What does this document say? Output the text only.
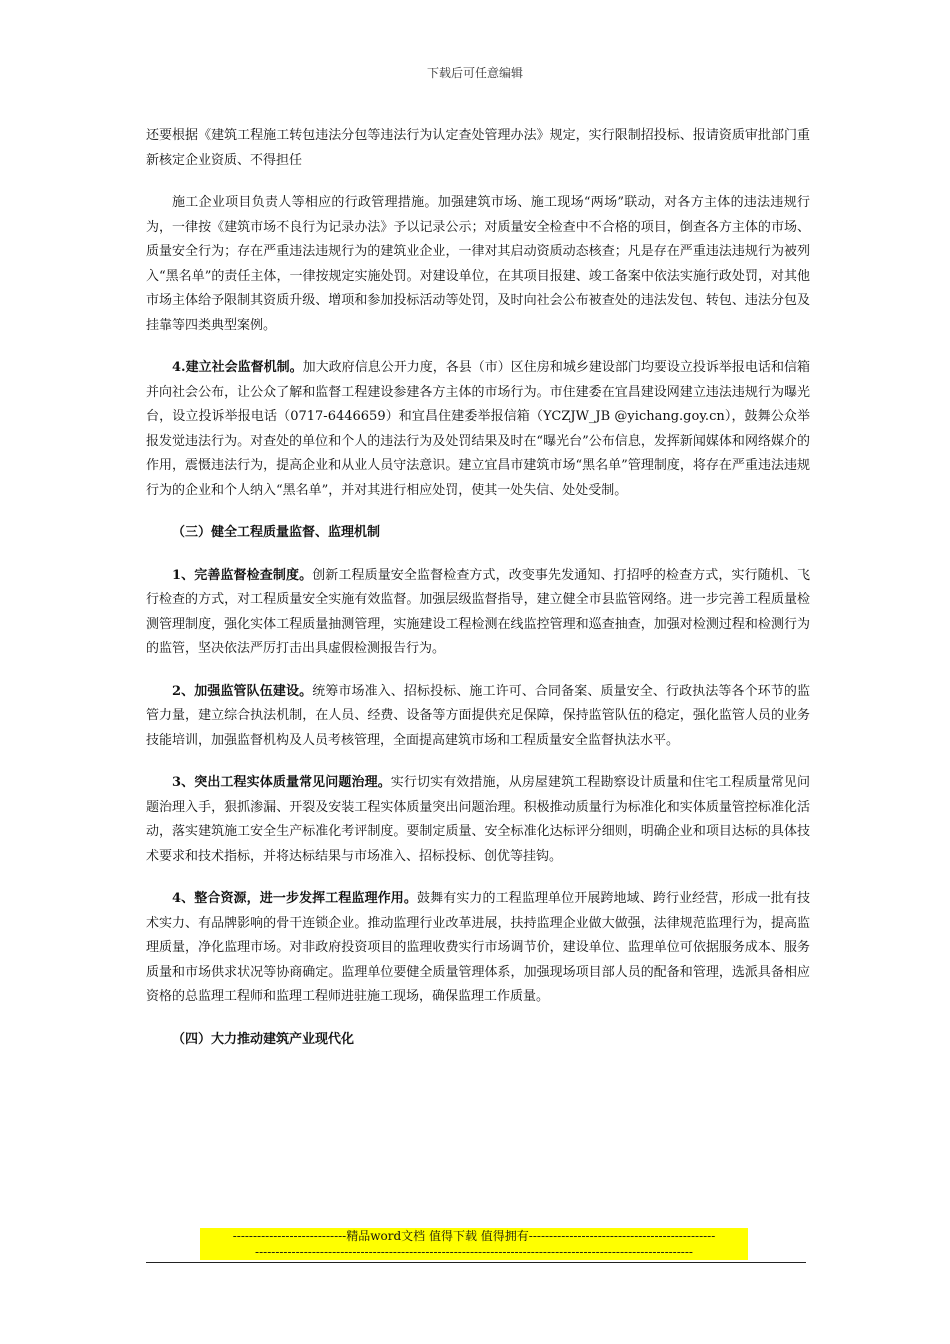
下载后可任意编辑

还要根据《建筑工程施工转包违法分包等违法行为认定查处管理办法》规定，实行限制招投标、报请资质审批部门重新核定企业资质、不得担任

施工企业项目负责人等相应的行政管理措施。加强建筑市场、施工现场“两场”联动，对各方主体的违法违规行为，一律按《建筑市场不良行为记录办法》予以记录公示；对质量安全检查中不合格的项目，倒查各方主体的市场、质量安全行为；存在严重违法违规行为的建筑业企业，一律对其启动资质动态核查；凡是存在严重违法违规行为被列入“黑名单”的责任主体，一律按规定实施处罚。对建设单位，在其项目报建、竣工备案中依法实施行政处罚，对其他市场主体给予限制其资质升级、增项和参加投标活动等处罚，及时向社会公布被查处的违法发包、转包、违法分包及挂靠等四类典型案例。

4.建立社会监督机制。加大政府信息公开力度，各县（市）区住房和城乡建设部门均要设立投诉举报电话和信箱并向社会公布，让公众了解和监督工程建设参建各方主体的市场行为。市住建委在宜昌建设网建立违法违规行为曝光台，设立投诉举报电话（0717-6446659）和宜昌住建委举报信箱（YCZJW_JB @yichang.goy.cn），鼓舞公众举报发觉违法行为。对查处的单位和个人的违法行为及处罚结果及时在“曝光台”公布信息，发挥新闻媒体和网络媒介的作用，震慑违法行为，提高企业和从业人员守法意识。建立宜昌市建筑市场“黑名单”管理制度，将存在严重违法违规行为的企业和个人纳入“黑名单”，并对其进行相应处罚，使其一处失信、处处受制。

（三）健全工程质量监督、监理机制

1、完善监督检查制度。创新工程质量安全监督检查方式，改变事先发通知、打招呼的检查方式，实行随机、飞行检查的方式，对工程质量安全实施有效监督。加强层级监督指导，建立健全市县监管网络。进一步完善工程质量检测管理制度，强化实体工程质量抽测管理，实施建设工程检测在线监控管理和巡查抽查，加强对检测过程和检测行为的监管，坚决依法严厉打击出具虚假检测报告行为。

2、加强监管队伍建设。统筹市场准入、招标投标、施工许可、合同备案、质量安全、行政执法等各个环节的监管力量，建立综合执法机制，在人员、经费、设备等方面提供充足保障，保持监管队伍的稳定，强化监管人员的业务技能培训，加强监督机构及人员考核管理，全面提高建筑市场和工程质量安全监督执法水平。

3、突出工程实体质量常见问题治理。实行切实有效措施，从房屋建筑工程勘察设计质量和住宅工程质量常见问题治理入手，狠抓渗漏、开裂及安装工程实体质量突出问题治理。积极推动质量行为标准化和实体质量管控标准化活动，落实建筑施工安全生产标准化考评制度。要制定质量、安全标准化达标评分细则，明确企业和项目达标的具体技术要求和技术指标，并将达标结果与市场准入、招标投标、创优等挂钩。

4、整合资源，进一步发挥工程监理作用。鼓舞有实力的工程监理单位开展跨地域、跨行业经营，形成一批有技术实力、有品牌影响的骨干连锁企业。推动监理行业改革进展，扶持监理企业做大做强，法律规范监理行为，提高监理质量，净化监理市场。对非政府投资项目的监理收费实行市场调节价，建设单位、监理单位可依据服务成本、服务质量和市场供求状况等协商确定。监理单位要健全质量管理体系，加强现场项目部人员的配备和管理，选派具备相应资格的总监理工程师和监理工程师进驻施工现场，确保监理工作质量。

（四）大力推动建筑产业现代化

----------------------------精品word文档 值得下载 值得拥有----------------------------------------------
------------------------------------------------------------------------------------------------------------
